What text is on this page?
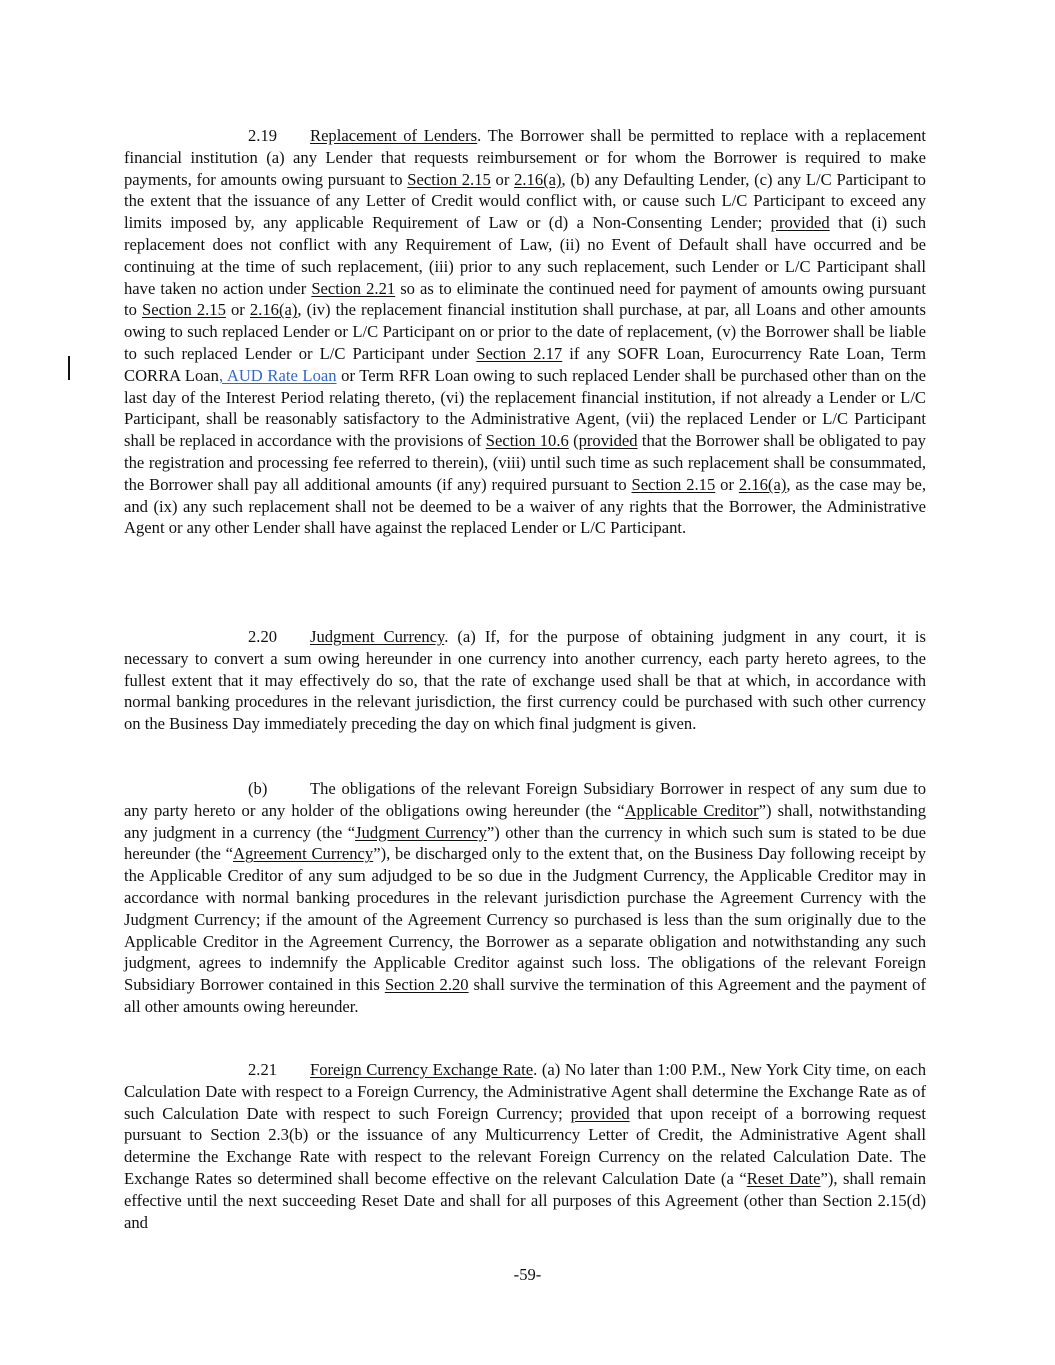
2.19 Replacement of Lenders. The Borrower shall be permitted to replace with a replacement financial institution (a) any Lender that requests reimbursement or for whom the Borrower is required to make payments, for amounts owing pursuant to Section 2.15 or 2.16(a), (b) any Defaulting Lender, (c) any L/C Participant to the extent that the issuance of any Letter of Credit would conflict with, or cause such L/C Participant to exceed any limits imposed by, any applicable Requirement of Law or (d) a Non-Consenting Lender; provided that (i) such replacement does not conflict with any Requirement of Law, (ii) no Event of Default shall have occurred and be continuing at the time of such replacement, (iii) prior to any such replacement, such Lender or L/C Participant shall have taken no action under Section 2.21 so as to eliminate the continued need for payment of amounts owing pursuant to Section 2.15 or 2.16(a), (iv) the replacement financial institution shall purchase, at par, all Loans and other amounts owing to such replaced Lender or L/C Participant on or prior to the date of replacement, (v) the Borrower shall be liable to such replaced Lender or L/C Participant under Section 2.17 if any SOFR Loan, Eurocurrency Rate Loan, Term CORRA Loan, AUD Rate Loan or Term RFR Loan owing to such replaced Lender shall be purchased other than on the last day of the Interest Period relating thereto, (vi) the replacement financial institution, if not already a Lender or L/C Participant, shall be reasonably satisfactory to the Administrative Agent, (vii) the replaced Lender or L/C Participant shall be replaced in accordance with the provisions of Section 10.6 (provided that the Borrower shall be obligated to pay the registration and processing fee referred to therein), (viii) until such time as such replacement shall be consummated, the Borrower shall pay all additional amounts (if any) required pursuant to Section 2.15 or 2.16(a), as the case may be, and (ix) any such replacement shall not be deemed to be a waiver of any rights that the Borrower, the Administrative Agent or any other Lender shall have against the replaced Lender or L/C Participant.

2.20 Judgment Currency. (a) If, for the purpose of obtaining judgment in any court, it is necessary to convert a sum owing hereunder in one currency into another currency, each party hereto agrees, to the fullest extent that it may effectively do so, that the rate of exchange used shall be that at which, in accordance with normal banking procedures in the relevant jurisdiction, the first currency could be purchased with such other currency on the Business Day immediately preceding the day on which final judgment is given.

(b)	The obligations of the relevant Foreign Subsidiary Borrower in respect of any sum due to any party hereto or any holder of the obligations owing hereunder (the “Applicable Creditor”) shall, notwithstanding any judgment in a currency (the “Judgment Currency”) other than the currency in which such sum is stated to be due hereunder (the “Agreement Currency”), be discharged only to the extent that, on the Business Day following receipt by the Applicable Creditor of any sum adjudged to be so due in the Judgment Currency, the Applicable Creditor may in accordance with normal banking procedures in the relevant jurisdiction purchase the Agreement Currency with the Judgment Currency; if the amount of the Agreement Currency so purchased is less than the sum originally due to the Applicable Creditor in the Agreement Currency, the Borrower as a separate obligation and notwithstanding any such judgment, agrees to indemnify the Applicable Creditor against such loss. The obligations of the relevant Foreign Subsidiary Borrower contained in this Section 2.20 shall survive the termination of this Agreement and the payment of all other amounts owing hereunder.

2.21 Foreign Currency Exchange Rate. (a) No later than 1:00 P.M., New York City time, on each Calculation Date with respect to a Foreign Currency, the Administrative Agent shall determine the Exchange Rate as of such Calculation Date with respect to such Foreign Currency; provided that upon receipt of a borrowing request pursuant to Section 2.3(b) or the issuance of any Multicurrency Letter of Credit, the Administrative Agent shall determine the Exchange Rate with respect to the relevant Foreign Currency on the related Calculation Date. The Exchange Rates so determined shall become effective on the relevant Calculation Date (a “Reset Date”), shall remain effective until the next succeeding Reset Date and shall for all purposes of this Agreement (other than Section 2.15(d) and

-59-
